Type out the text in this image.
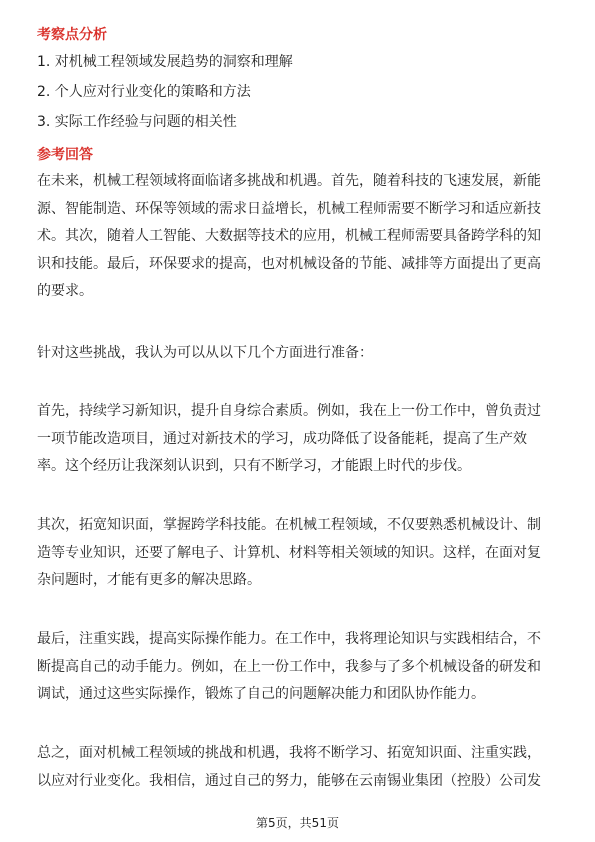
考察点分析
1. 对机械工程领域发展趋势的洞察和理解
2. 个人应对行业变化的策略和方法
3. 实际工作经验与问题的相关性
参考回答
在未来，机械工程领域将面临诸多挑战和机遇。首先，随着科技的飞速发展，新能
源、智能制造、环保等领域的需求日益增长，机械工程师需要不断学习和适应新技
术。其次，随着人工智能、大数据等技术的应用，机械工程师需要具备跨学科的知
识和技能。最后，环保要求的提高，也对机械设备的节能、减排等方面提出了更高
的要求。
针对这些挑战，我认为可以从以下几个方面进行准备：
首先，持续学习新知识，提升自身综合素质。例如，我在上一份工作中，曾负责过
一项节能改造项目，通过对新技术的学习，成功降低了设备能耗，提高了生产效
率。这个经历让我深刻认识到，只有不断学习，才能跟上时代的步伐。
其次，拓宽知识面，掌握跨学科技能。在机械工程领域，不仅要熟悉机械设计、制
造等专业知识，还要了解电子、计算机、材料等相关领域的知识。这样，在面对复
杂问题时，才能有更多的解决思路。
最后，注重实践，提高实际操作能力。在工作中，我将理论知识与实践相结合，不
断提高自己的动手能力。例如，在上一份工作中，我参与了多个机械设备的研发和
调试，通过这些实际操作，锻炼了自己的问题解决能力和团队协作能力。
总之，面对机械工程领域的挑战和机遇，我将不断学习、拓宽知识面、注重实践，
以应对行业变化。我相信，通过自己的努力，能够在云南锡业集团（控股）公司发
第5页，共51页
